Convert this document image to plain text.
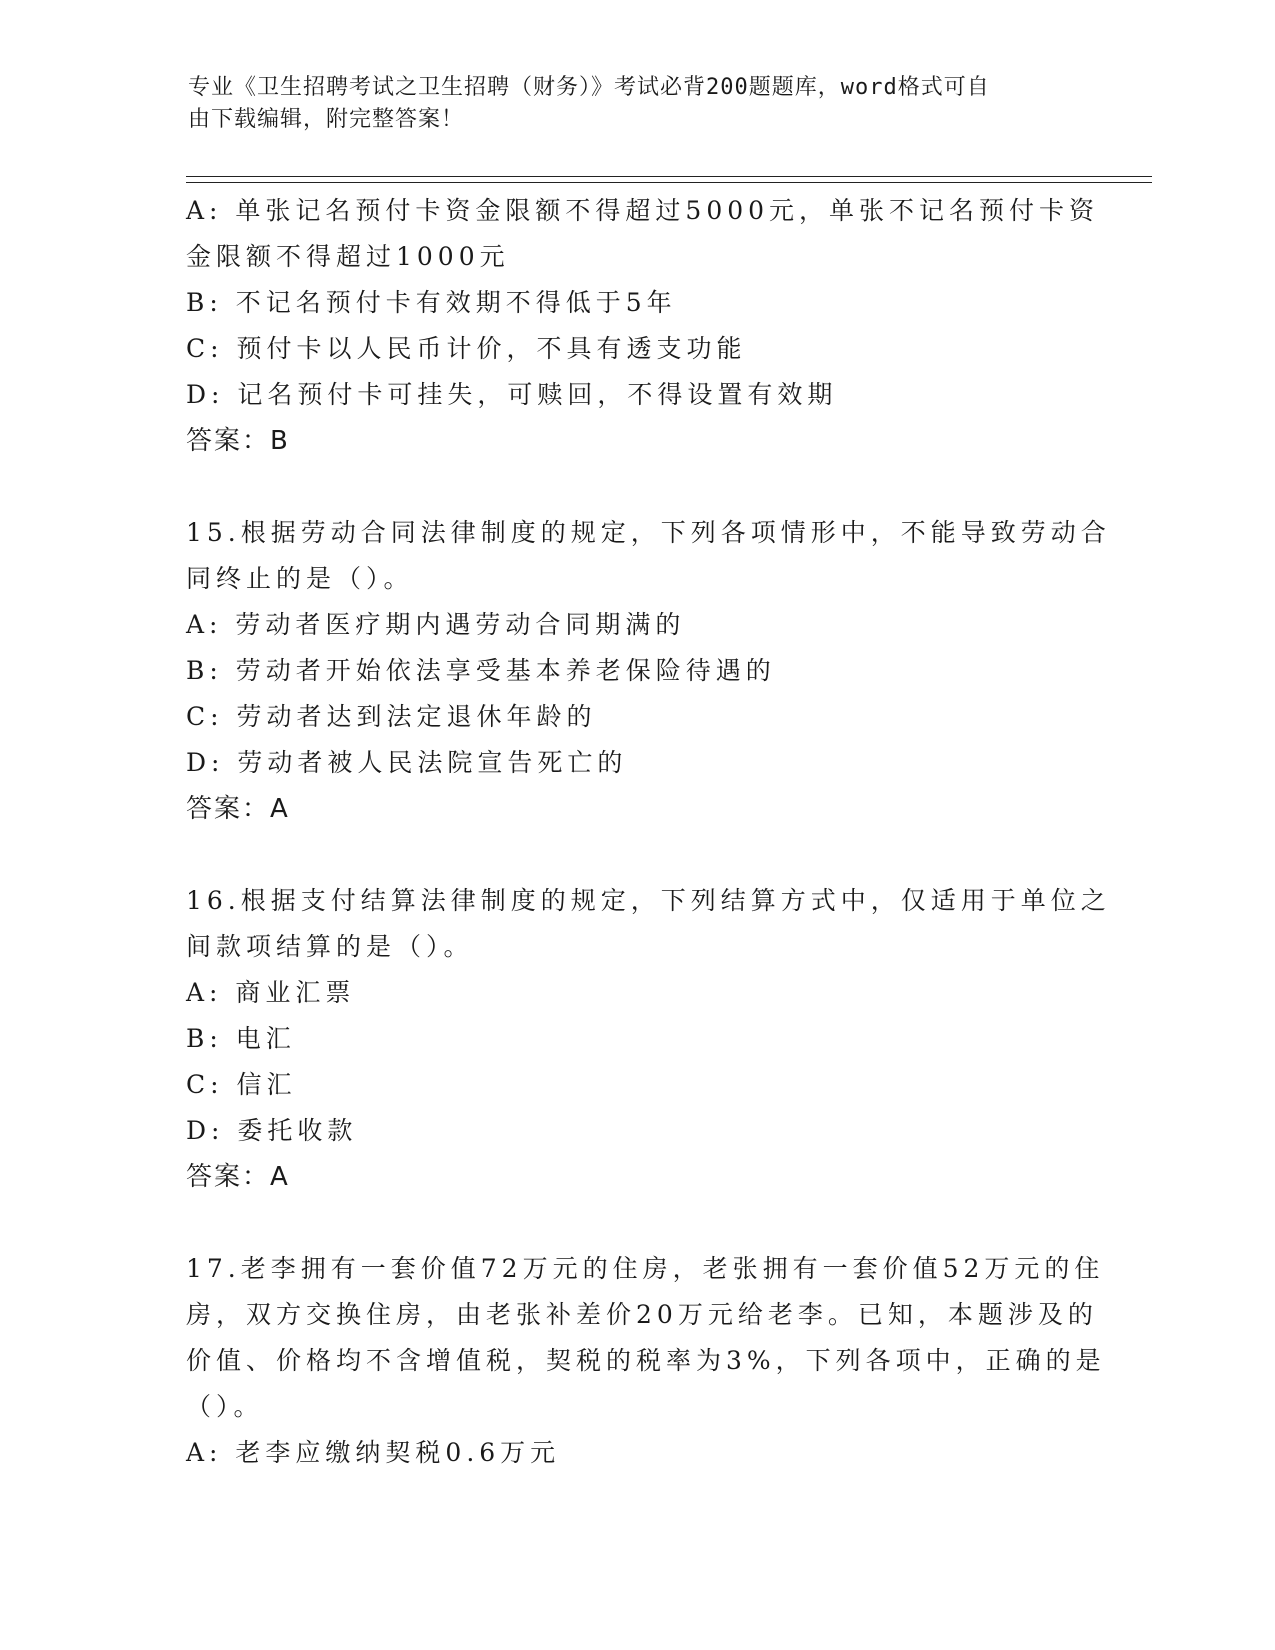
专业《卫生招聘考试之卫生招聘（财务）》考试必背200题题库，word格式可自
由下载编辑，附完整答案！
A: 单张记名预付卡资金限额不得超过5000元，单张不记名预付卡资
金限额不得超过1000元
B: 不记名预付卡有效期不得低于5年
C: 预付卡以人民币计价，不具有透支功能
D: 记名预付卡可挂失，可赎回，不得设置有效期
答案：B
15.根据劳动合同法律制度的规定，下列各项情形中，不能导致劳动合
同终止的是（）。
A: 劳动者医疗期内遇劳动合同期满的
B: 劳动者开始依法享受基本养老保险待遇的
C: 劳动者达到法定退休年龄的
D: 劳动者被人民法院宣告死亡的
答案：A
16.根据支付结算法律制度的规定，下列结算方式中，仅适用于单位之
间款项结算的是（）。
A: 商业汇票
B: 电汇
C: 信汇
D: 委托收款
答案：A
17.老李拥有一套价值72万元的住房，老张拥有一套价值52万元的住
房，双方交换住房，由老张补差价20万元给老李。已知，本题涉及的
价值、价格均不含增值税，契税的税率为3%，下列各项中，正确的是
（）。
A: 老李应缴纳契税0.6万元
